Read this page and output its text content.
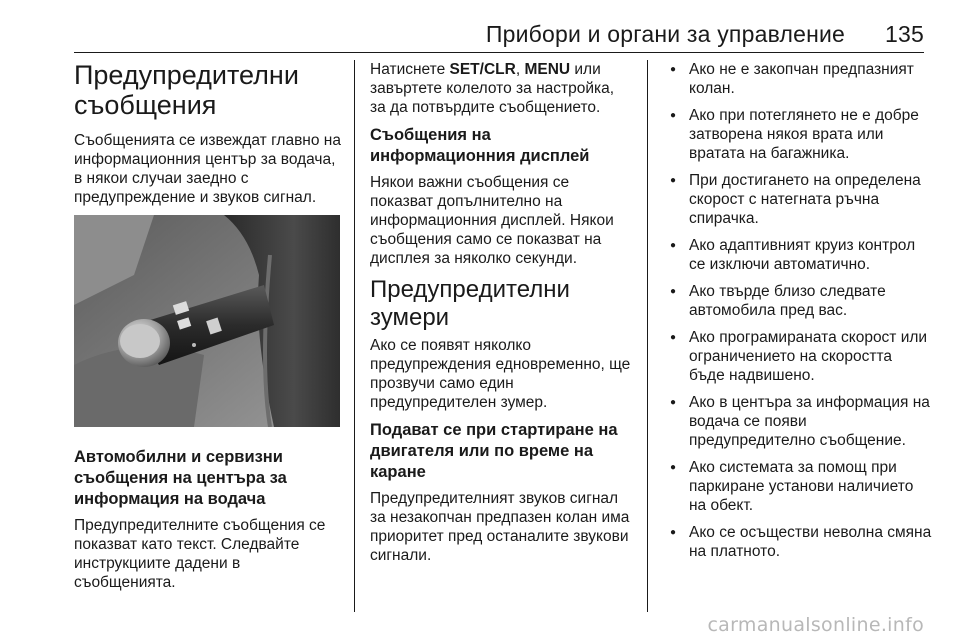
Прибори и органи за управление 135
Предупредителни
съобщения

Съобщенията се извеждат главно на информационния център за водача, в някои случаи заедно с предупреждение и звуков сигнал.

Автомобилни и сервизни съобщения на центъра за информация на водача

Предупредителните съобщения се показват като текст. Следвайте инструкциите дадени в съобщенията.

Натиснете SET/CLR, MENU или завъртете колелото за настройка, за да потвърдите съобщението.

Съобщения на информационния дисплей

Някои важни съобщения се показват допълнително на информационния дисплей. Някои съобщения само се показват на дисплея за няколко секунди.

Предупредителни зумери

Ако се появят няколко предупреждения едновременно, ще прозвучи само един предупредителен зумер.

Подават се при стартиране на двигателя или по време на каране

Предупредителният звуков сигнал за незакопчан предпазен колан има приоритет пред останалите звукови сигнали.

● Ако не е закопчан предпазният колан.
● Ако при потеглянето не е добре затворена някоя врата или вратата на багажника.
● При достигането на определена скорост с натегната ръчна спирачка.
● Ако адаптивният круиз контрол се изключи автоматично.
● Ако твърде близо следвате автомобила пред вас.
● Ако програмираната скорост или ограничението на скоростта бъде надвишено.
● Ако в центъра за информация на водача се появи предупредително съобщение.
● Ако системата за помощ при паркиране установи наличието на обект.
● Ако се осъществи неволна смяна на платното.
carmanualsonline.info
